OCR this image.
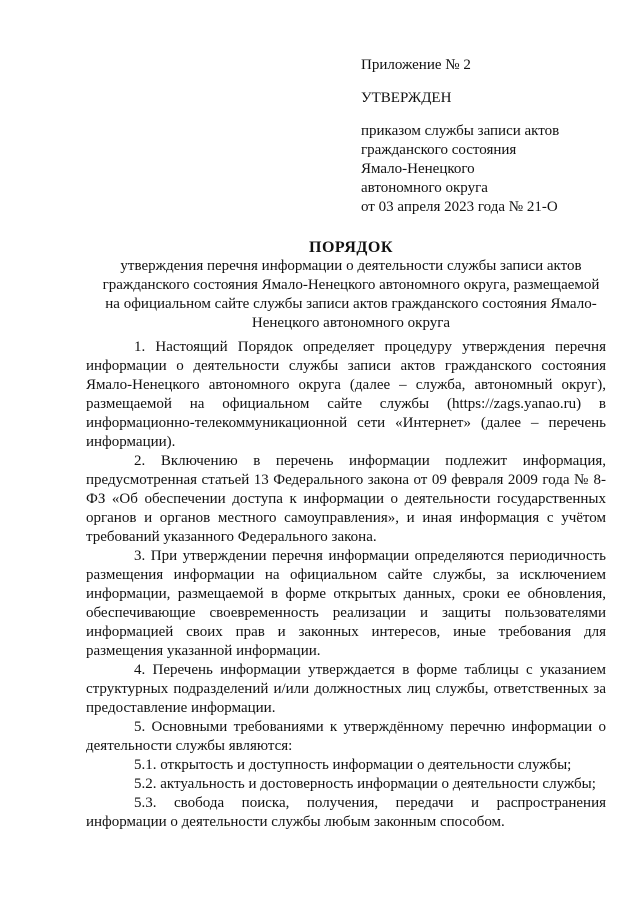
Приложение № 2
УТВЕРЖДЕН
приказом службы записи актов
гражданского состояния
Ямало-Ненецкого
автономного округа
от 03 апреля 2023 года № 21-О
ПОРЯДОК
утверждения перечня информации о деятельности службы записи актов
гражданского состояния Ямало-Ненецкого автономного округа, размещаемой
на официальном сайте службы записи актов гражданского состояния Ямало-
Ненецкого автономного округа

1. Настоящий Порядок определяет процедуру утверждения перечня информации о деятельности службы записи актов гражданского состояния Ямало-Ненецкого автономного округа (далее – служба, автономный округ), размещаемой на официальном сайте службы (https://zags.yanao.ru) в информационно-телекоммуникационной сети «Интернет» (далее – перечень информации).

2. Включению в перечень информации подлежит информация, предусмотренная статьей 13 Федерального закона от 09 февраля 2009 года № 8-ФЗ «Об обеспечении доступа к информации о деятельности государственных органов и органов местного самоуправления», и иная информация с учётом требований указанного Федерального закона.

3. При утверждении перечня информации определяются периодичность размещения информации на официальном сайте службы, за исключением информации, размещаемой в форме открытых данных, сроки ее обновления, обеспечивающие своевременность реализации и защиты пользователями информацией своих прав и законных интересов, иные требования для размещения указанной информации.

4. Перечень информации утверждается в форме таблицы с указанием структурных подразделений и/или должностных лиц службы, ответственных за предоставление информации.

5. Основными требованиями к утверждённому перечню информации о деятельности службы являются:

5.1. открытость и доступность информации о деятельности службы;

5.2. актуальность и достоверность информации о деятельности службы;

5.3. свобода поиска, получения, передачи и распространения информации о деятельности службы любым законным способом.
